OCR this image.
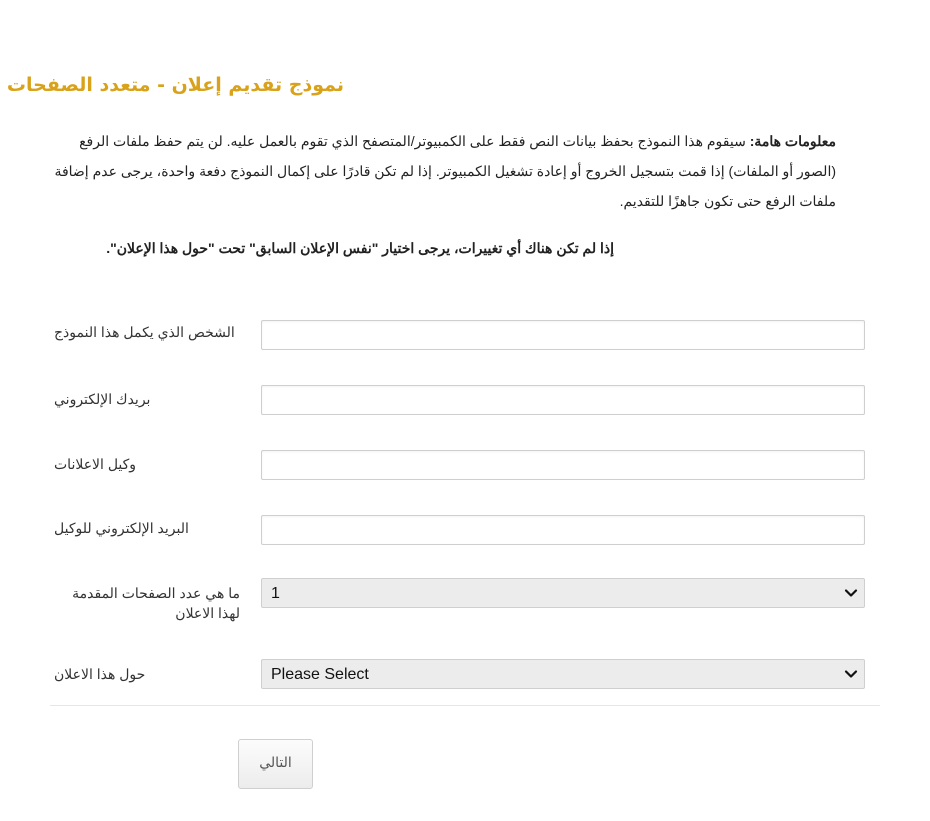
نموذج تقديم إعلان - متعدد الصفحات
معلومات هامة: سيقوم هذا النموذج بحفظ بيانات النص فقط على الكمبيوتر/المتصفح الذي تقوم بالعمل عليه. لن يتم حفظ ملفات الرفع (الصور أو الملفات) إذا قمت بتسجيل الخروج أو إعادة تشغيل الكمبيوتر. إذا لم تكن قادرًا على إكمال النموذج دفعة واحدة، يرجى عدم إضافة ملفات الرفع حتى تكون جاهزًا للتقديم.
إذا لم تكن هناك أي تغييرات، يرجى اختيار "نفس الإعلان السابق" تحت "حول هذا الإعلان".
الشخص الذي يكمل هذا النموذج
بريدك الإلكتروني
وكيل الاعلانات
البريد الإلكتروني للوكيل
ما هي عدد الصفحات المقدمة لهذا الاعلان
1
حول هذا الاعلان	Please Select
التالي
